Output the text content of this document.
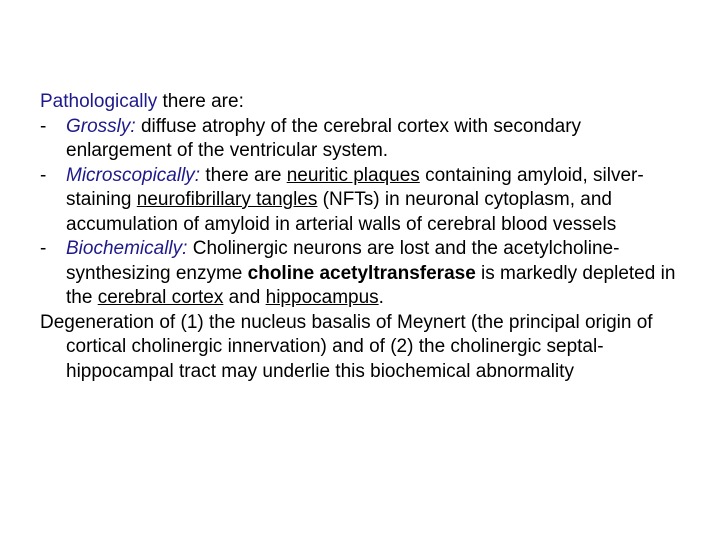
Pathologically there are:

- Grossly: diffuse atrophy of the cerebral cortex with secondary enlargement of the ventricular system.

- Microscopically: there are neuritic plaques containing amyloid, silver-staining neurofibrillary tangles (NFTs) in neuronal cytoplasm, and accumulation of amyloid in arterial walls of cerebral blood vessels

- Biochemically: Cholinergic neurons are lost and the acetylcholine-synthesizing enzyme choline acetyltransferase is markedly depleted in the cerebral cortex and hippocampus.

Degeneration of (1) the nucleus basalis of Meynert (the principal origin of cortical cholinergic innervation) and of (2) the cholinergic septal-hippocampal tract may underlie this biochemical abnormality
